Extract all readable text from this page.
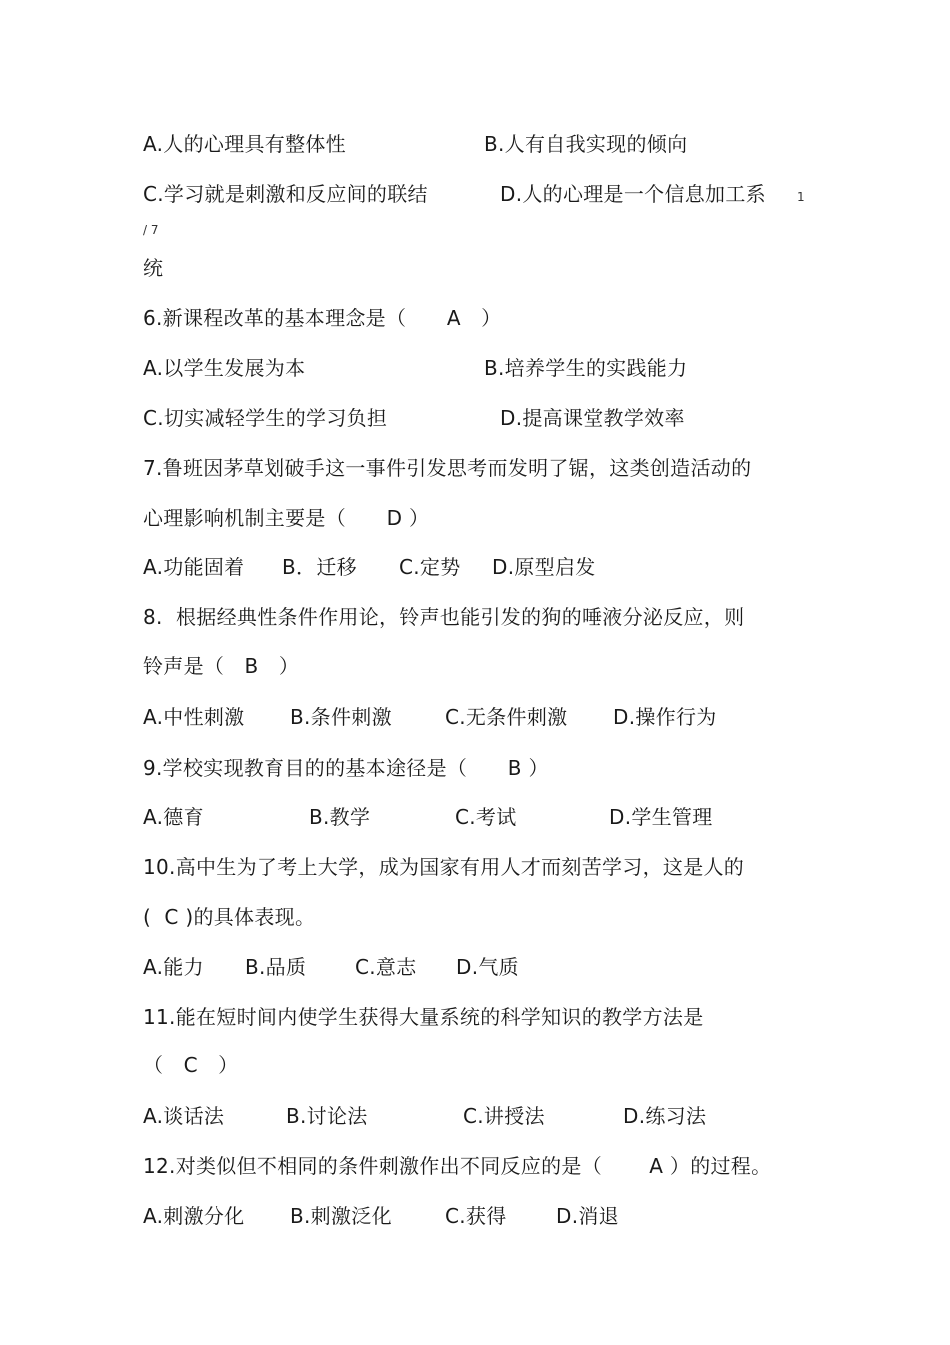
A.人的心理具有整体性	B.人有自我实现的倾向
C.学习就是刺激和反应间的联结	D.人的心理是一个信息加工系	1
/ 7
统
6.新课程改革的基本理念是（　　A　）
A.以学生发展为本	B.培养学生的实践能力
C.切实减轻学生的学习负担	D.提高课堂教学效率
7.鲁班因茅草划破手这一事件引发思考而发明了锯，这类创造活动的
心理影响机制主要是（　　D ）
A.功能固着 B．迁移 C.定势 D.原型启发
8.  根据经典性条件作用论，铃声也能引发的狗的唾液分泌反应，则
铃声是（　B　）
A.中性刺激 B.条件刺激	C.无条件刺激 D.操作行为
9.学校实现教育目的的基本途径是（　　B ）
A.德育	B.教学	C.考试	D.学生管理
10.高中生为了考上大学，成为国家有用人才而刻苦学习，这是人的
(  C )的具体表现。
A.能力 B.品质 C.意志 D.气质
11.能在短时间内使学生获得大量系统的科学知识的教学方法是
（　C　）
A.谈话法	B.讨论法	C.讲授法	D.练习法
12.对类似但不相同的条件刺激作出不同反应的是（　　 A ）的过程。
A.刺激分化 B.刺激泛化	C.获得 D.消退
